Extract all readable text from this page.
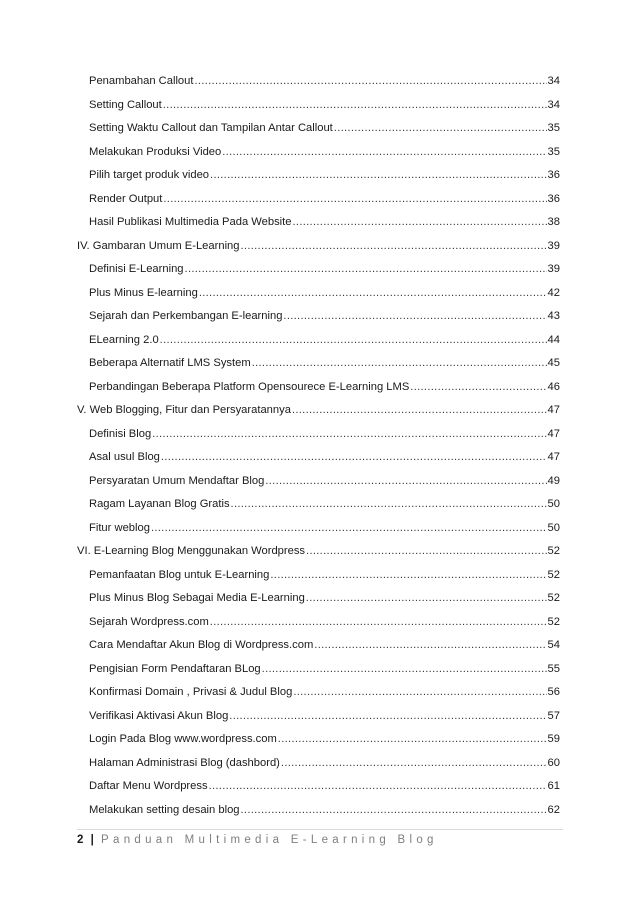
Penambahan Callout .....	34
Setting Callout .....	34
Setting Waktu Callout dan Tampilan Antar Callout .....	35
Melakukan Produksi Video .....	35
Pilih target produk video .....	36
Render Output .....	36
Hasil Publikasi Multimedia Pada Website .....	38
IV. Gambaran Umum E-Learning .....	39
Definisi E-Learning .....	39
Plus Minus E-learning .....	42
Sejarah dan Perkembangan E-learning .....	43
ELearning 2.0 .....	44
Beberapa Alternatif LMS System .....	45
Perbandingan Beberapa Platform Opensourece E-Learning LMS .....	46
V. Web Blogging, Fitur dan Persyaratannya .....	47
Definisi Blog .....	47
Asal usul Blog .....	47
Persyaratan Umum Mendaftar Blog .....	49
Ragam Layanan Blog Gratis .....	50
Fitur weblog .....	50
VI. E-Learning Blog Menggunakan Wordpress .....	52
Pemanfaatan Blog untuk E-Learning .....	52
Plus Minus Blog Sebagai Media E-Learning .....	52
Sejarah Wordpress.com .....	52
Cara Mendaftar Akun Blog di Wordpress.com .....	54
Pengisian Form Pendaftaran BLog .....	55
Konfirmasi Domain , Privasi & Judul Blog .....	56
Verifikasi Aktivasi Akun Blog .....	57
Login Pada Blog www.wordpress.com .....	59
Halaman Administrasi Blog (dashbord) .....	60
Daftar Menu Wordpress .....	61
Melakukan setting desain blog .....	62
2 | Panduan Multimedia E-Learning Blog
